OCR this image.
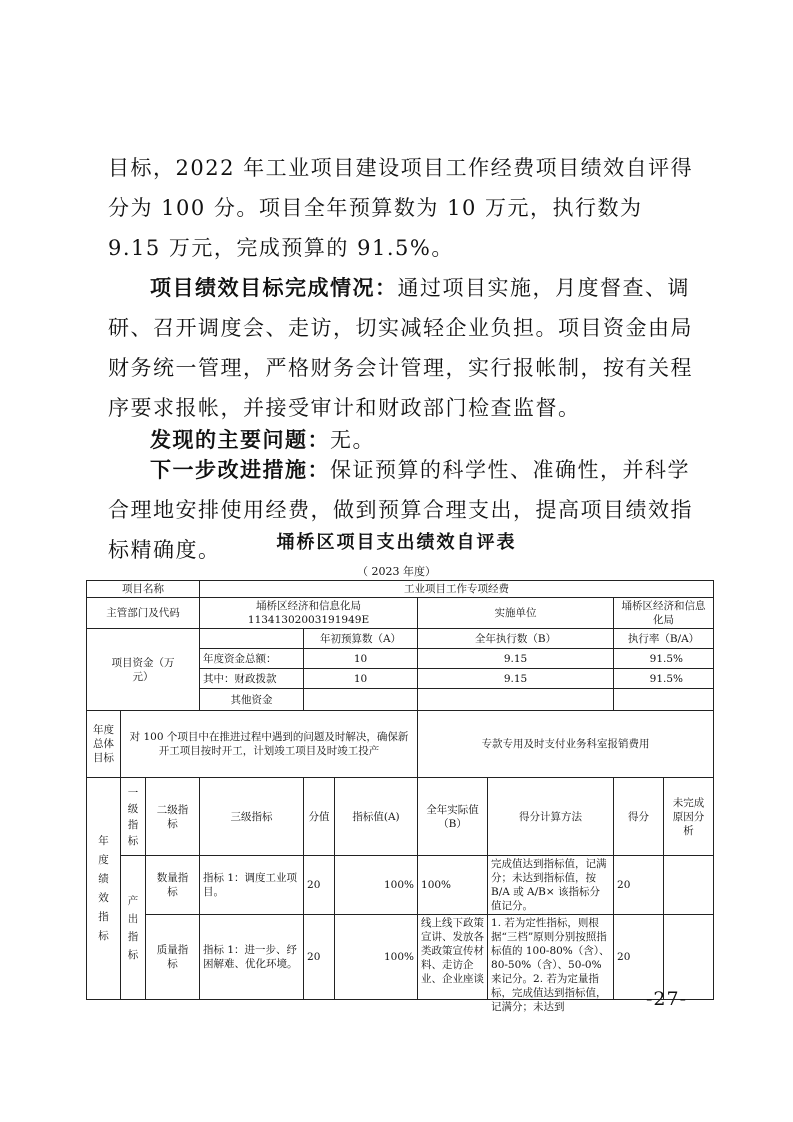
目标，2022 年工业项目建设项目工作经费项目绩效自评得分为 100 分。项目全年预算数为 10 万元，执行数为 9.15 万元，完成预算的 91.5%。

项目绩效目标完成情况：通过项目实施，月度督查、调研、召开调度会、走访，切实减轻企业负担。项目资金由局财务统一管理，严格财务会计管理，实行报帐制，按有关程序要求报帐，并接受审计和财政部门检查监督。

发现的主要问题：无。

下一步改进措施：保证预算的科学性、准确性，并科学合理地安排使用经费，做到预算合理支出，提高项目绩效指标精确度。	埇桥区项目支出绩效自评表
（ 2023 年度）
项目名称			工业项目工作专项经费						
主管部门及代码			埇桥区经济和信息化局 11341302003191949E			实施单位		埇桥区经济和信息化局	

项目资金（万元）				年初预算数（A）		全年执行数（B）		执行率（B/A）	
			年度资金总额：	10		9.15		91.5%	
			其中：财政拨款	10		9.15		91.5%	
			其他资金						

年度总体目标	对 100 个项目中在推进过程中遇到的问题及时解决，确保新开工项目按时开工，计划竣工项目及时竣工投产					专款专用及时支付业务科室报销费用			

年度绩效指标	一级指标	二级指标	三级指标	分值	指标值(A)	全年实际值（B）	得分计算方法	得分	未完成原因分析

	产出指标	数量指标	指标 1：调度工业项目。	20	100%	100%	完成值达到指标值，记满分；未达到指标值，按 B/A 或 A/B× 该指标分值记分。	20	
		质量指标	指标 1：进一步、纾困解难、优化环境。	20	100%	线上线下政策宣讲、发放各类政策宣传材料、走访企业、企业座谈	1. 若为定性指标，则根据“三档”原则分别按照指标值的 100-80%（含）、80-50%（含）、50-0%来记分。2. 若为定量指标，完成值达到指标值，记满分；未达到	20	
-27-
